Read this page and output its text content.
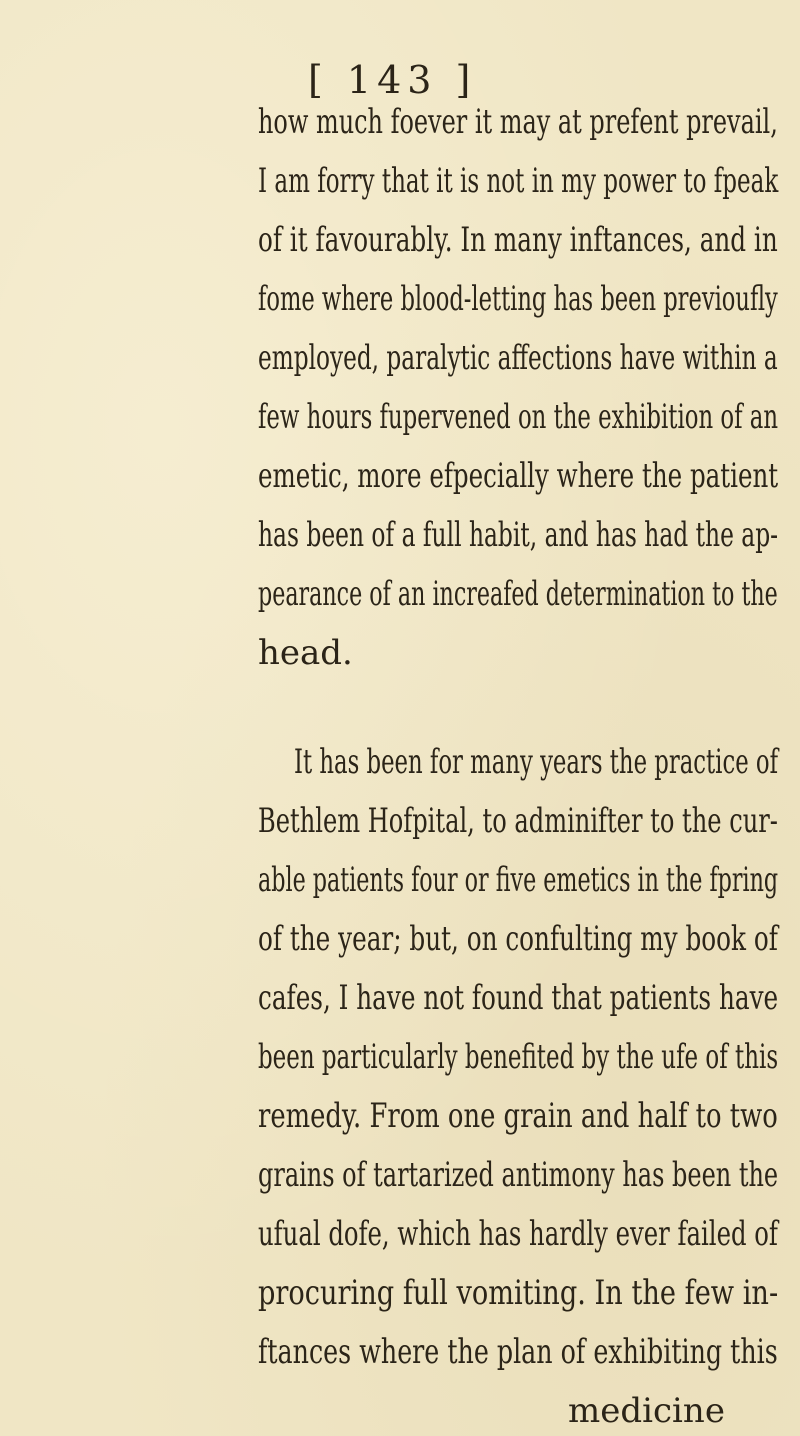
[ 143 ]
how much foever it may at prefent prevail,
I am forry that it is not in my power to fpeak
of it favourably. In many inftances, and in
fome where blood-letting has been previoufly
employed, paralytic affections have within a
few hours fupervened on the exhibition of an
emetic, more efpecially where the patient
has been of a full habit, and has had the ap-
pearance of an increafed determination to the
head.
It has been for many years the practice of
Bethlem Hofpital, to adminifter to the cur-
able patients four or five emetics in the fpring
of the year; but, on confulting my book of
cafes, I have not found that patients have
been particularly benefited by the ufe of this
remedy. From one grain and half to two
grains of tartarized antimony has been the
ufual dofe, which has hardly ever failed of
procuring full vomiting. In the few in-
ftances where the plan of exhibiting this
medicine
